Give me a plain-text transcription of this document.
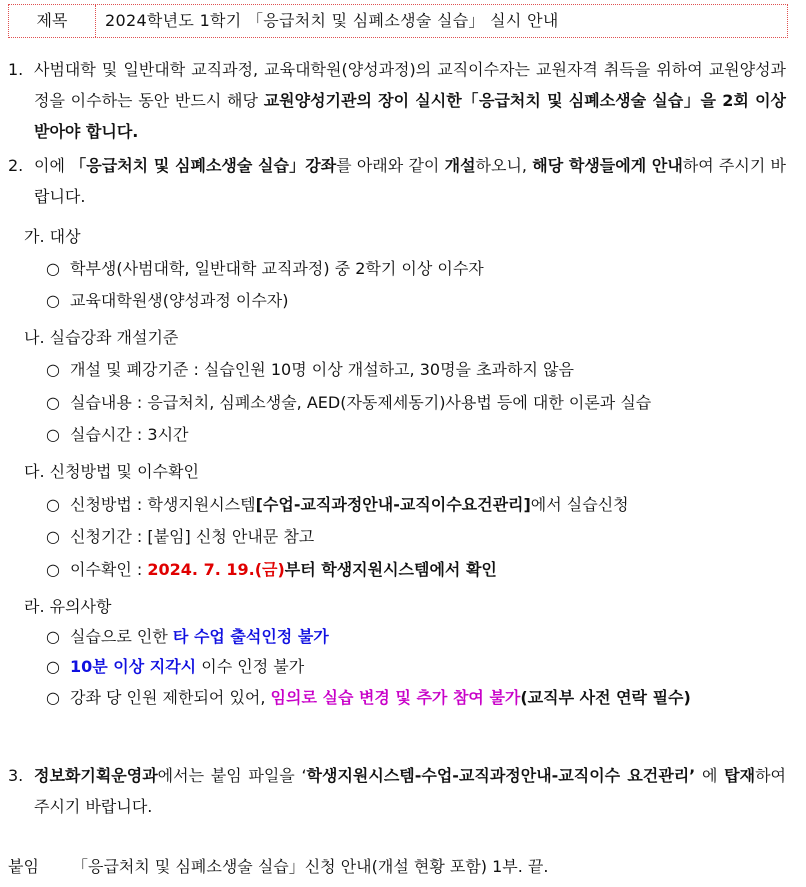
제목	2024학년도 1학기 「응급처치 및 심폐소생술 실습」 실시 안내
1. 사범대학 및 일반대학 교직과정, 교육대학원(양성과정)의 교직이수자는 교원자격 취득을 위하여 교원양성과정을 이수하는 동안 반드시 해당 교원양성기관의 장이 실시한「응급처치 및 심폐소생술 실습」을 2회 이상 받아야 합니다.
2. 이에 「응급처치 및 심폐소생술 실습」강좌를 아래와 같이 개설하오니, 해당 학생들에게 안내하여 주시기 바랍니다.
가. 대상
○ 학부생(사범대학, 일반대학 교직과정) 중 2학기 이상 이수자
○ 교육대학원생(양성과정 이수자)
나. 실습강좌 개설기준
○ 개설 및 폐강기준 : 실습인원 10명 이상 개설하고, 30명을 초과하지 않음
○ 실습내용 : 응급처치, 심폐소생술, AED(자동제세동기)사용법 등에 대한 이론과 실습
○ 실습시간 : 3시간
다. 신청방법 및 이수확인
○ 신청방법 : 학생지원시스템[수업-교직과정안내-교직이수요건관리]에서 실습신청
○ 신청기간 : [붙임] 신청 안내문 참고
○ 이수확인 : 2024. 7. 19.(금)부터 학생지원시스템에서 확인
라. 유의사항
○ 실습으로 인한 타 수업 출석인정 불가
○ 10분 이상 지각시 이수 인정 불가
○ 강좌 당 인원 제한되어 있어, 임의로 실습 변경 및 추가 참여 불가(교직부 사전 연락 필수)
3. 정보화기획운영과에서는 붙임 파일을 ‘학생지원시스템-수업-교직과정안내-교직이수 요건관리’ 에 탑재하여 주시기 바랍니다.
붙임 「응급처치 및 심폐소생술 실습」신청 안내(개설 현황 포함) 1부. 끝.
